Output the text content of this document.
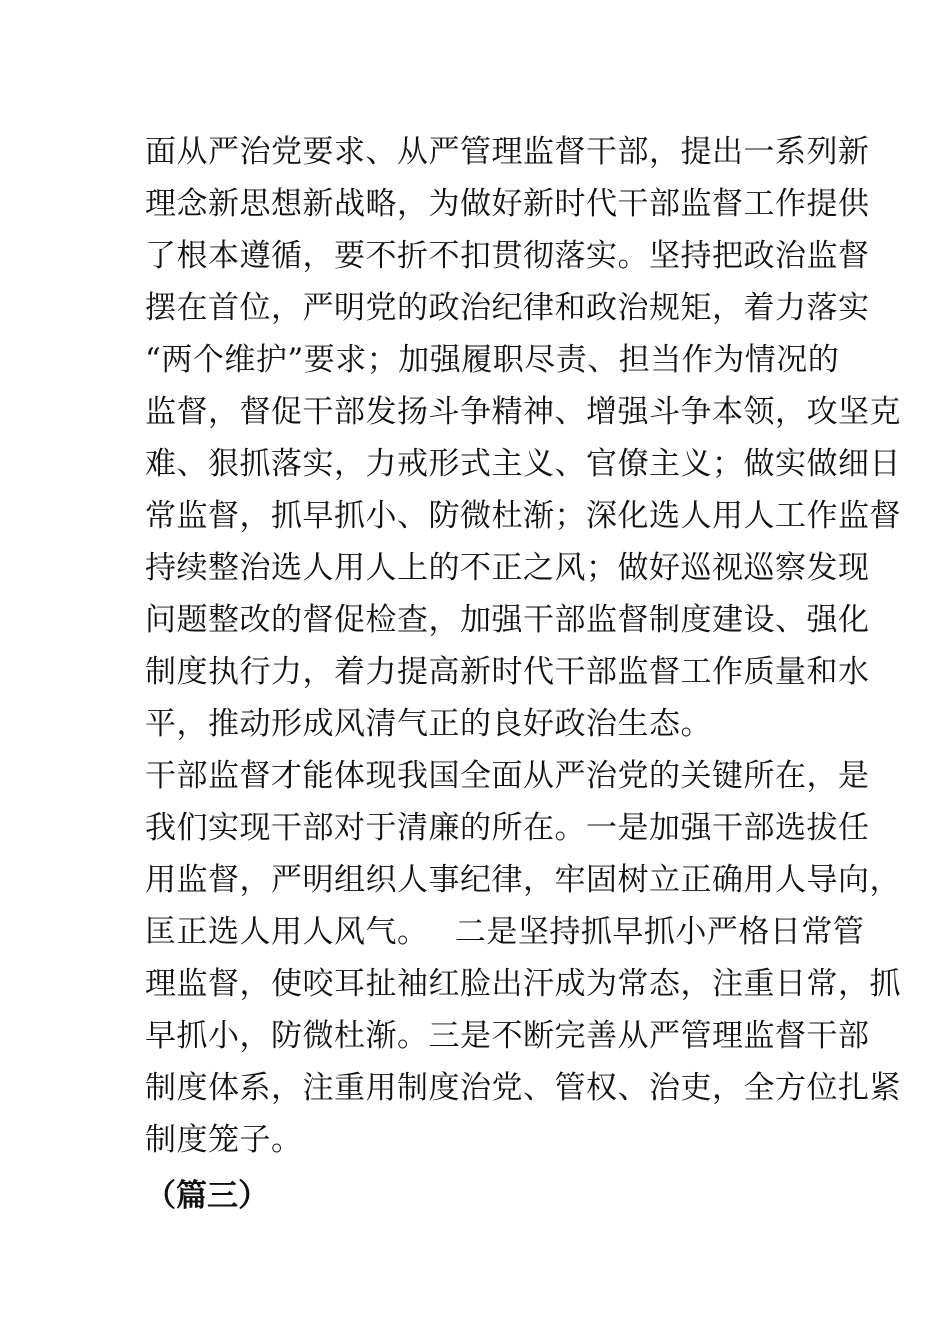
面从严治党要求、从严管理监督干部，提出一系列新
理念新思想新战略，为做好新时代干部监督工作提供
了根本遵循，要不折不扣贯彻落实。坚持把政治监督
摆在首位，严明党的政治纪律和政治规矩，着力落实
“两个维护”要求；加强履职尽责、担当作为情况的
监督，督促干部发扬斗争精神、增强斗争本领，攻坚克
难、狠抓落实，力戒形式主义、官僚主义；做实做细日
常监督，抓早抓小、防微杜渐；深化选人用人工作监督
持续整治选人用人上的不正之风；做好巡视巡察发现
问题整改的督促检查，加强干部监督制度建设、强化
制度执行力，着力提高新时代干部监督工作质量和水
平，推动形成风清气正的良好政治生态。
干部监督才能体现我国全面从严治党的关键所在，是
我们实现干部对于清廉的所在。一是加强干部选拔任
用监督，严明组织人事纪律，牢固树立正确用人导向，
匡正选人用人风气。　 二是坚持抓早抓小严格日常管
理监督，使咬耳扯袖红脸出汗成为常态，注重日常，抓
早抓小，防微杜渐。三是不断完善从严管理监督干部
制度体系，注重用制度治党、管权、治吏，全方位扎紧
制度笼子。
（篇三）
